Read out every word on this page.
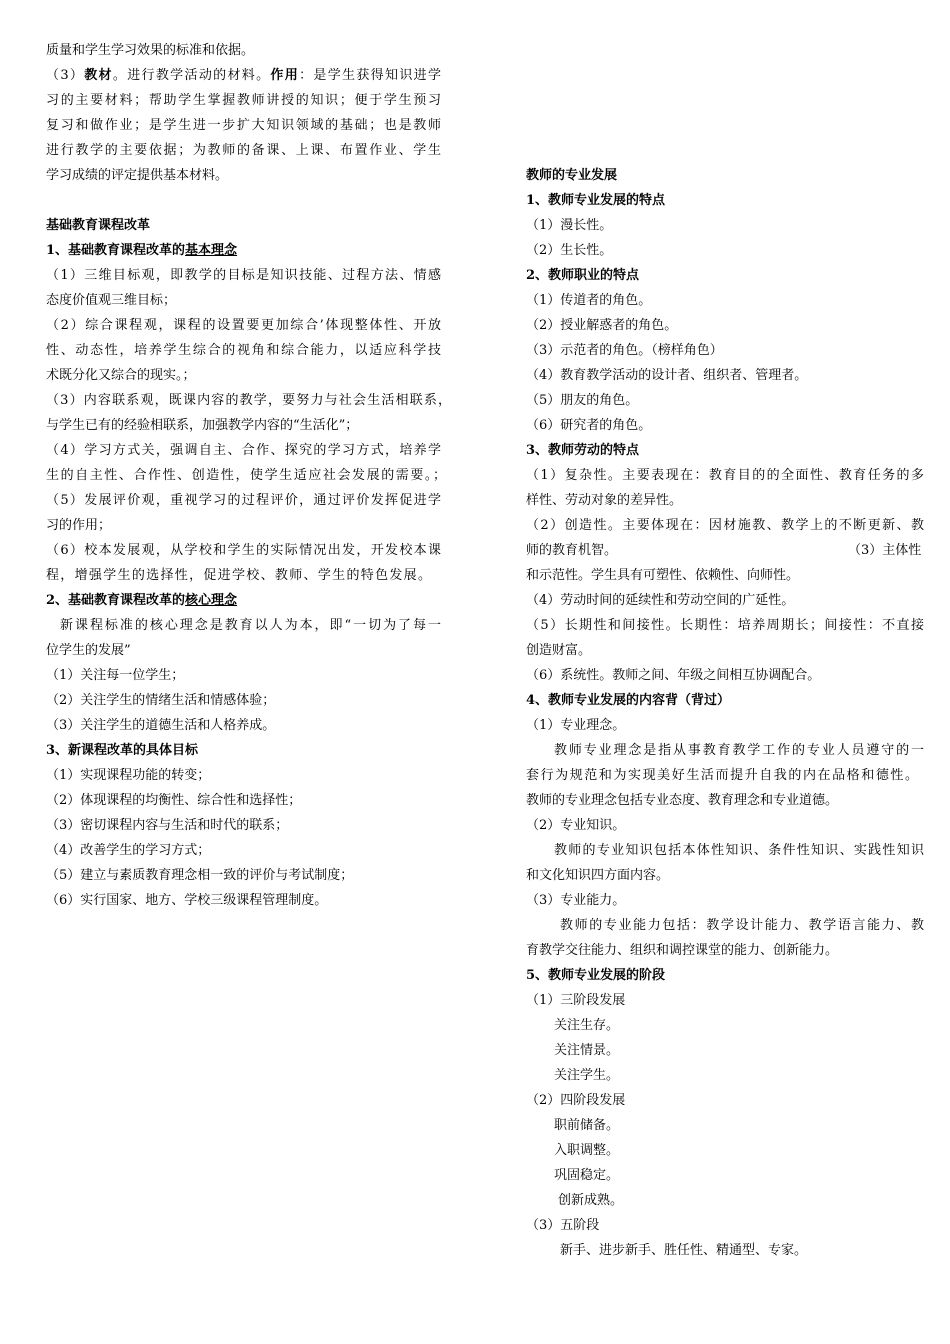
质量和学生学习效果的标准和依据。
（3）教材。进行教学活动的材料。作用：是学生获得知识进学
习的主要材料；帮助学生掌握教师讲授的知识；便于学生预习
复习和做作业；是学生进一步扩大知识领域的基础；也是教师
进行教学的主要依据；为教师的备课、上课、布置作业、学生
学习成绩的评定提供基本材料。
基础教育课程改革
1、基础教育课程改革的基本理念
（1）三维目标观，即教学的目标是知识技能、过程方法、情感
态度价值观三维目标；
（2）综合课程观，课程的设置要更加综合’体现整体性、开放
性、动态性，培养学生综合的视角和综合能力，以适应科学技
术既分化又综合的现实。；
（3）内容联系观，既课内容的教学，要努力与社会生活相联系，
与学生已有的经验相联系，加强教学内容的“生活化”；
（4）学习方式关，强调自主、合作、探究的学习方式，培养学
生的自主性、合作性、创造性，使学生适应社会发展的需要。；
（5）发展评价观，重视学习的过程评价，通过评价发挥促进学
习的作用；
（6）校本发展观，从学校和学生的实际情况出发，开发校本课
程，增强学生的选择性，促进学校、教师、学生的特色发展。
2、基础教育课程改革的核心理念
新课程标准的核心理念是教育以人为本，即“一切为了每一
位学生的发展”
（1）关注每一位学生；
（2）关注学生的情绪生活和情感体验；
（3）关注学生的道德生活和人格养成。
3、新课程改革的具体目标
（1）实现课程功能的转变；
（2）体现课程的均衡性、综合性和选择性；
（3）密切课程内容与生活和时代的联系；
（4）改善学生的学习方式；
（5）建立与素质教育理念相一致的评价与考试制度；
（6）实行国家、地方、学校三级课程管理制度。
教师的专业发展
1、教师专业发展的特点
（1）漫长性。
（2）生长性。
2、教师职业的特点
（1）传道者的角色。
（2）授业解惑者的角色。
（3）示范者的角色。（榜样角色）
（4）教育教学活动的设计者、组织者、管理者。
（5）朋友的角色。
（6）研究者的角色。
3、教师劳动的特点
（1）复杂性。主要表现在：教育目的的全面性、教育任务的多
样性、劳动对象的差异性。
（2）创造性。主要体现在：因材施教、教学上的不断更新、教
师的教育机智。	（3）主体性
和示范性。学生具有可塑性、依赖性、向师性。
（4）劳动时间的延续性和劳动空间的广延性。
（5）长期性和间接性。长期性：培养周期长；间接性：不直接
创造财富。
（6）系统性。教师之间、年级之间相互协调配合。
4、教师专业发展的内容背（背过）
（1）专业理念。
教师专业理念是指从事教育教学工作的专业人员遵守的一
套行为规范和为实现美好生活而提升自我的内在品格和德性。
教师的专业理念包括专业态度、教育理念和专业道德。
（2）专业知识。
教师的专业知识包括本体性知识、条件性知识、实践性知识
和文化知识四方面内容。
（3）专业能力。
教师的专业能力包括：教学设计能力、教学语言能力、教
育教学交往能力、组织和调控课堂的能力、创新能力。
5、教师专业发展的阶段
（1）三阶段发展
关注生存。
关注情景。
关注学生。
（2）四阶段发展
职前储备。
入职调整。
巩固稳定。
创新成熟。
（3）五阶段
新手、进步新手、胜任性、精通型、专家。
